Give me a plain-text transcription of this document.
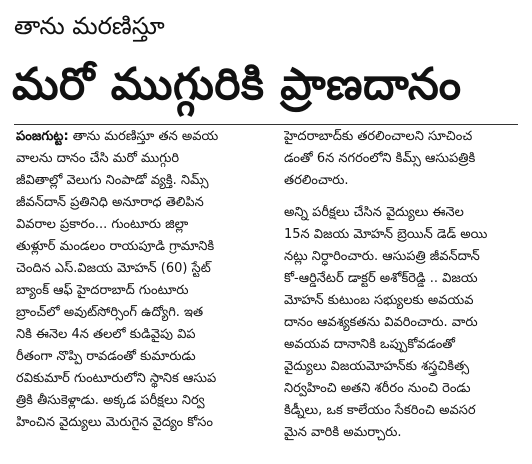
తాను మరణిస్తూ
మరో ముగ్గురికి ప్రాణదానం
పంజగుట్ట: తాను మరణిస్తూ తన అవయ
వాలను దానం చేసి మరో ముగ్గురి
జీవితాల్లో వెలుగు నింపాడో వ్యక్తి. నిమ్స్
జీవన్‌దాన్ ప్రతినిధి అనూరాధ తెలిపిన
వివరాల ప్రకారం... గుంటూరు జిల్లా
తుళ్లూర్ మండలం రాయపూడి గ్రామానికి
చెందిన ఎస్.విజయ మోహన్ (60) స్టేట్
బ్యాంక్ ఆఫ్ హైదరాబాద్ గుంటూరు
బ్రాంచ్‌లో అవుట్‌సోర్సింగ్ ఉద్యోగి. ఇత
నికి ఈనెల 4న తలలో కుడివైపు విప
రీతంగా నొప్పి రావడంతో కుమారుడు
రవికుమార్ గుంటూరులోని స్థానిక ఆసుప
త్రికి తీసుకెళ్లాడు. అక్కడ పరీక్షలు నిర్వ
హించిన వైద్యులు మెరుగైన వైద్యం కోసం
హైదరాబాద్‌కు తరలించాలని సూచించ
డంతో 6న నగరంలోని కిమ్స్ ఆసుపత్రికి
తరలించారు.
అన్ని పరీక్షలు చేసిన వైద్యులు ఈనెల
15న విజయ మోహన్ బ్రెయిన్ డెడ్ అయి
నట్లు నిర్ధారించారు. ఆసుపత్రి జీవన్‌దాన్
కో-ఆర్డినేటర్ డాక్టర్ అశోక్‌రెడ్డి .. విజయ
మోహన్ కుటుంబ సభ్యులకు అవయవ
దానం ఆవశ్యకతను వివరించారు. వారు
అవయవ దానానికి ఒప్పుకోవడంతో
వైద్యులు విజయమోహన్‌కు శస్త్రచికిత్స
నిర్వహించి అతని శరీరం నుంచి రెండు
కిడ్నీలు, ఒక కాలేయం సేకరించి అవసర
మైన వారికి అమర్చారు.
